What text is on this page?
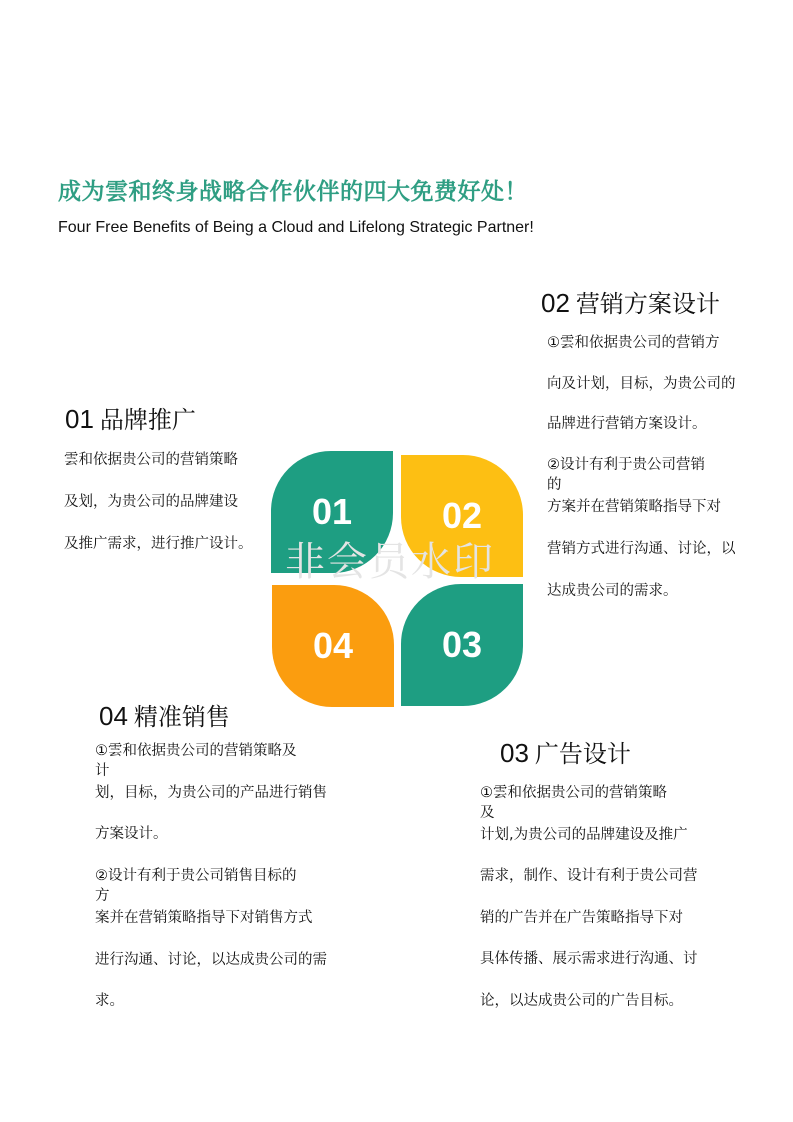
成为雲和终身战略合作伙伴的四大免费好处！
Four Free Benefits of Being a Cloud and Lifelong Strategic Partner!
01 品牌推广

雲和依据贵公司的营销策略

及划，为贵公司的品牌建设

及推广需求，进行推广设计。

02 营销方案设计

①雲和依据贵公司的营销方

向及计划，目标，为贵公司的

品牌进行营销方案设计。

②设计有利于贵公司营销

的

方案并在营销策略指导下对

营销方式进行沟通、讨论，以

达成贵公司的需求。

01 02
03
04
非会员水印
04 精准销售

①雲和依据贵公司的营销策略及

计

划，目标，为贵公司的产品进行销售

方案设计。

②设计有利于贵公司销售目标的

方

案并在营销策略指导下对销售方式

进行沟通、讨论，以达成贵公司的需

求。

03 广告设计

①雲和依据贵公司的营销策略

及

计划,为贵公司的品牌建设及推广

需求，制作、设计有利于贵公司营

销的广告并在广告策略指导下对

具体传播、展示需求进行沟通、讨

论，以达成贵公司的广告目标。
